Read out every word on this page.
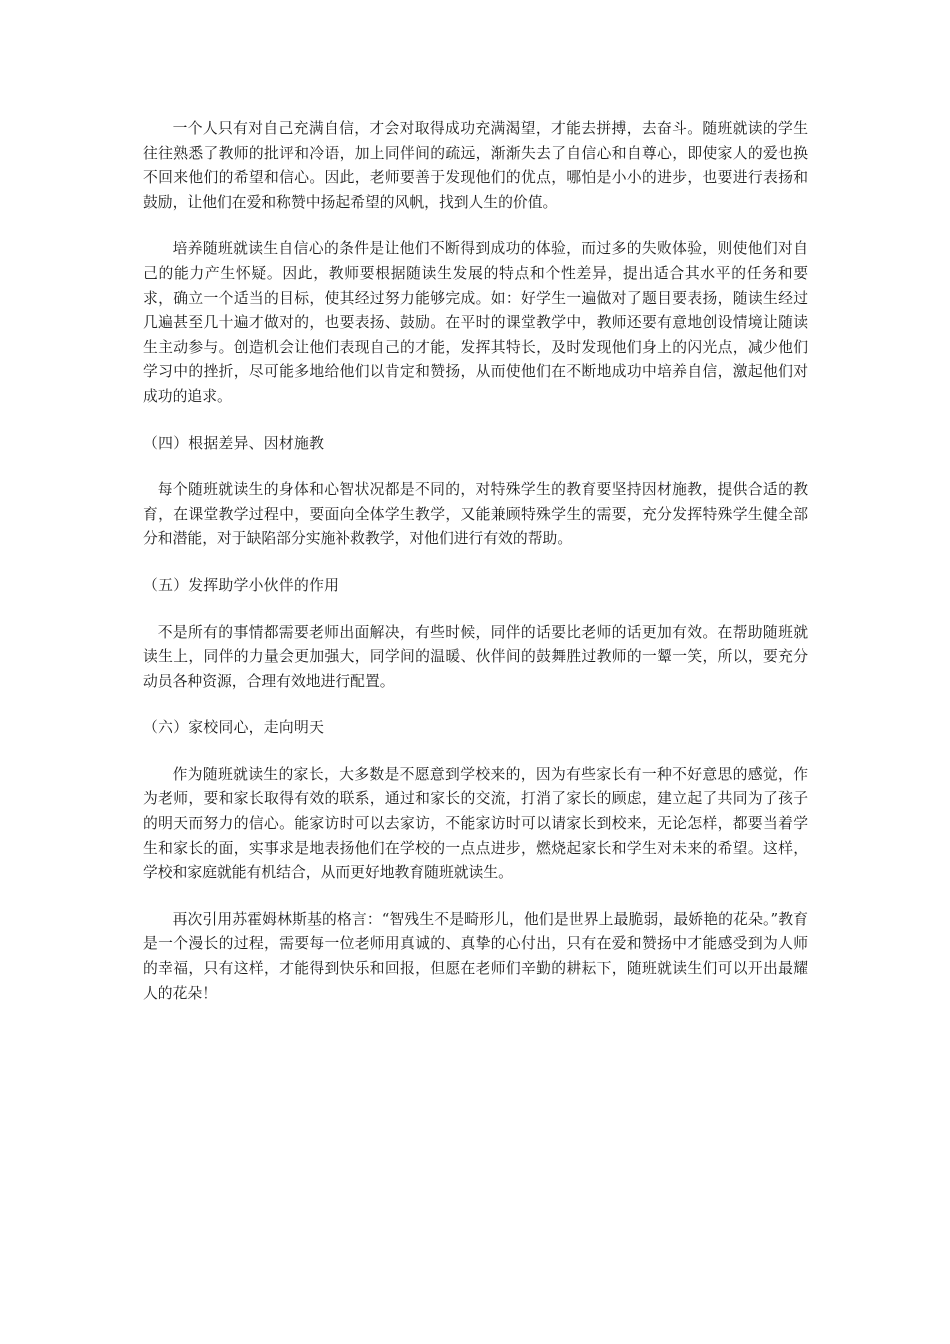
一个人只有对自己充满自信，才会对取得成功充满渴望，才能去拼搏，去奋斗。随班就读的学生往往熟悉了教师的批评和冷语，加上同伴间的疏远，渐渐失去了自信心和自尊心，即使家人的爱也换不回来他们的希望和信心。因此，老师要善于发现他们的优点，哪怕是小小的进步，也要进行表扬和鼓励，让他们在爱和称赞中扬起希望的风帆，找到人生的价值。

培养随班就读生自信心的条件是让他们不断得到成功的体验，而过多的失败体验，则使他们对自己的能力产生怀疑。因此，教师要根据随读生发展的特点和个性差异，提出适合其水平的任务和要求，确立一个适当的目标，使其经过努力能够完成。如：好学生一遍做对了题目要表扬，随读生经过几遍甚至几十遍才做对的，也要表扬、鼓励。在平时的课堂教学中，教师还要有意地创设情境让随读生主动参与。创造机会让他们表现自己的才能，发挥其特长，及时发现他们身上的闪光点，减少他们学习中的挫折，尽可能多地给他们以肯定和赞扬，从而使他们在不断地成功中培养自信，激起他们对成功的追求。

（四）根据差异、因材施教

每个随班就读生的身体和心智状况都是不同的，对特殊学生的教育要坚持因材施教，提供合适的教育，在课堂教学过程中，要面向全体学生教学，又能兼顾特殊学生的需要，充分发挥特殊学生健全部分和潜能，对于缺陷部分实施补救教学，对他们进行有效的帮助。

（五）发挥助学小伙伴的作用

不是所有的事情都需要老师出面解决，有些时候，同伴的话要比老师的话更加有效。在帮助随班就读生上，同伴的力量会更加强大，同学间的温暖、伙伴间的鼓舞胜过教师的一颦一笑，所以，要充分动员各种资源，合理有效地进行配置。

（六）家校同心，走向明天

作为随班就读生的家长，大多数是不愿意到学校来的，因为有些家长有一种不好意思的感觉，作为老师，要和家长取得有效的联系，通过和家长的交流，打消了家长的顾虑，建立起了共同为了孩子的明天而努力的信心。能家访时可以去家访，不能家访时可以请家长到校来，无论怎样，都要当着学生和家长的面，实事求是地表扬他们在学校的一点点进步，燃烧起家长和学生对未来的希望。这样，学校和家庭就能有机结合，从而更好地教育随班就读生。

再次引用苏霍姆林斯基的格言：“智残生不是畸形儿，他们是世界上最脆弱，最娇艳的花朵。”教育是一个漫长的过程，需要每一位老师用真诚的、真挚的心付出，只有在爱和赞扬中才能感受到为人师的幸福，只有这样，才能得到快乐和回报，但愿在老师们辛勤的耕耘下，随班就读生们可以开出最耀人的花朵！
